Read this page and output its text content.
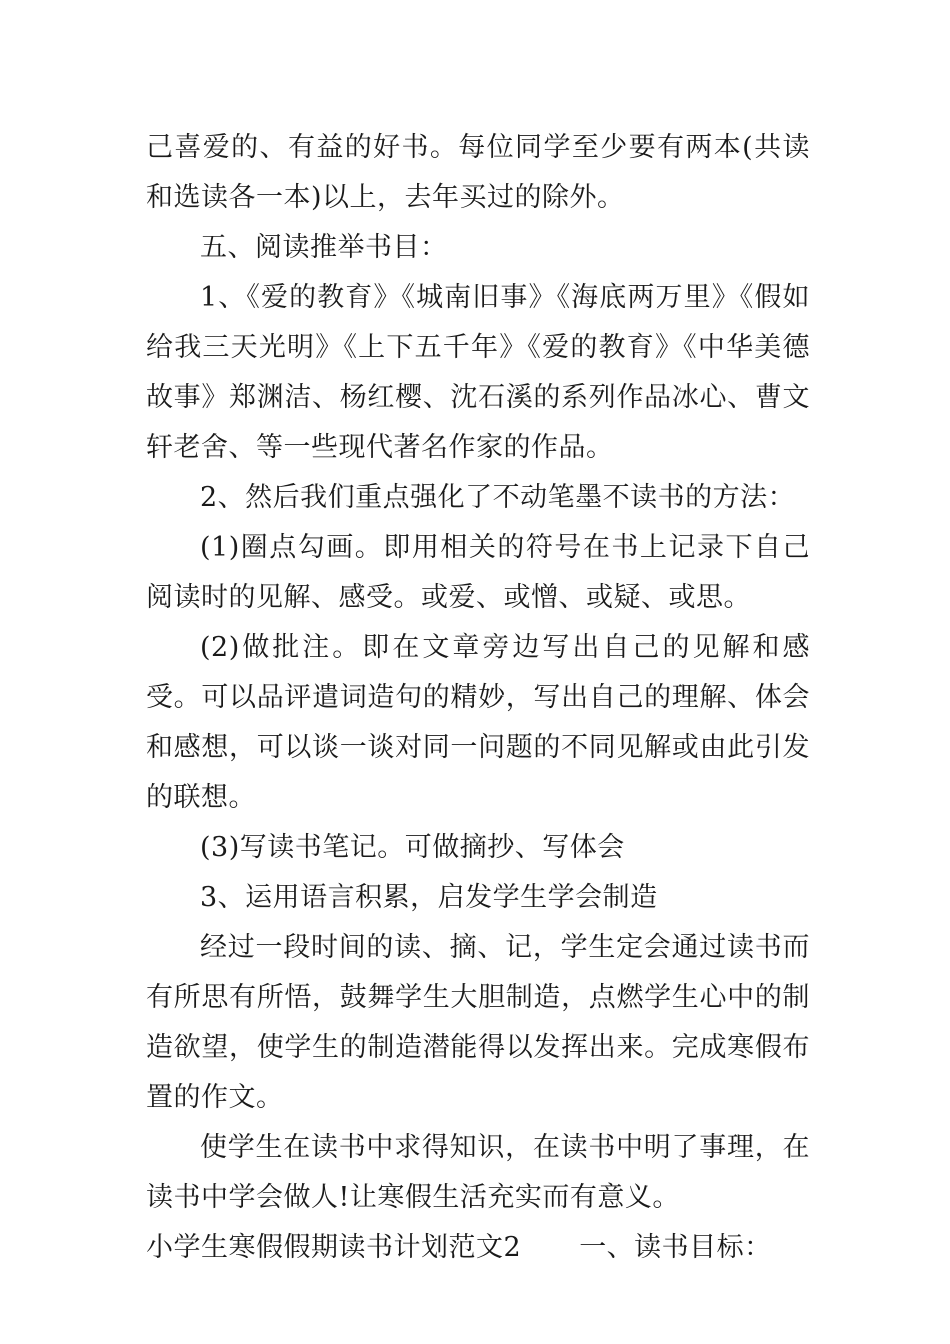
己喜爱的、有益的好书。每位同学至少要有两本(共读和选读各一本)以上，去年买过的除外。

五、阅读推举书目：

1、《爱的教育》《城南旧事》《海底两万里》《假如给我三天光明》《上下五千年》《爱的教育》《中华美德故事》郑渊洁、杨红樱、沈石溪的系列作品冰心、曹文轩老舍、等一些现代著名作家的作品。

2、然后我们重点强化了不动笔墨不读书的方法：

(1)圈点勾画。即用相关的符号在书上记录下自己阅读时的见解、感受。或爱、或憎、或疑、或思。

(2)做批注。即在文章旁边写出自己的见解和感受。可以品评遣词造句的精妙，写出自己的理解、体会和感想，可以谈一谈对同一问题的不同见解或由此引发的联想。

(3)写读书笔记。可做摘抄、写体会

3、运用语言积累，启发学生学会制造

经过一段时间的读、摘、记，学生定会通过读书而有所思有所悟，鼓舞学生大胆制造，点燃学生心中的制造欲望，使学生的制造潜能得以发挥出来。完成寒假布置的作文。

使学生在读书中求得知识，在读书中明了事理，在读书中学会做人!让寒假生活充实而有意义。

小学生寒假假期读书计划范文2 一、读书目标：
